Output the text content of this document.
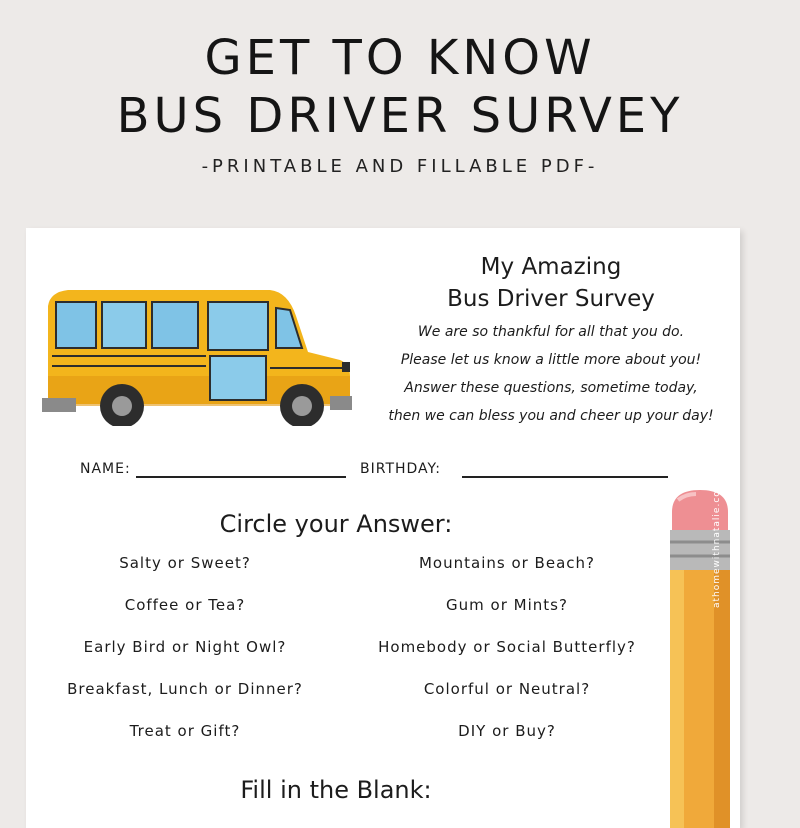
GET TO KNOW
BUS DRIVER SURVEY
-PRINTABLE AND FILLABLE PDF-
My Amazing
Bus Driver Survey
We are so thankful for all that you do.
Please let us know a little more about you!
Answer these questions, sometime today,
then we can bless you and cheer up your day!
NAME:	BIRTHDAY:
Circle your Answer:
Salty or Sweet?
Coffee or Tea?
Early Bird or Night Owl?
Breakfast, Lunch or Dinner?
Treat or Gift?
Mountains or Beach?
Gum or Mints?
Homebody or Social Butterfly?
Colorful or Neutral?
DIY or Buy?
Fill in the Blank:
athomewithnatalie.com
